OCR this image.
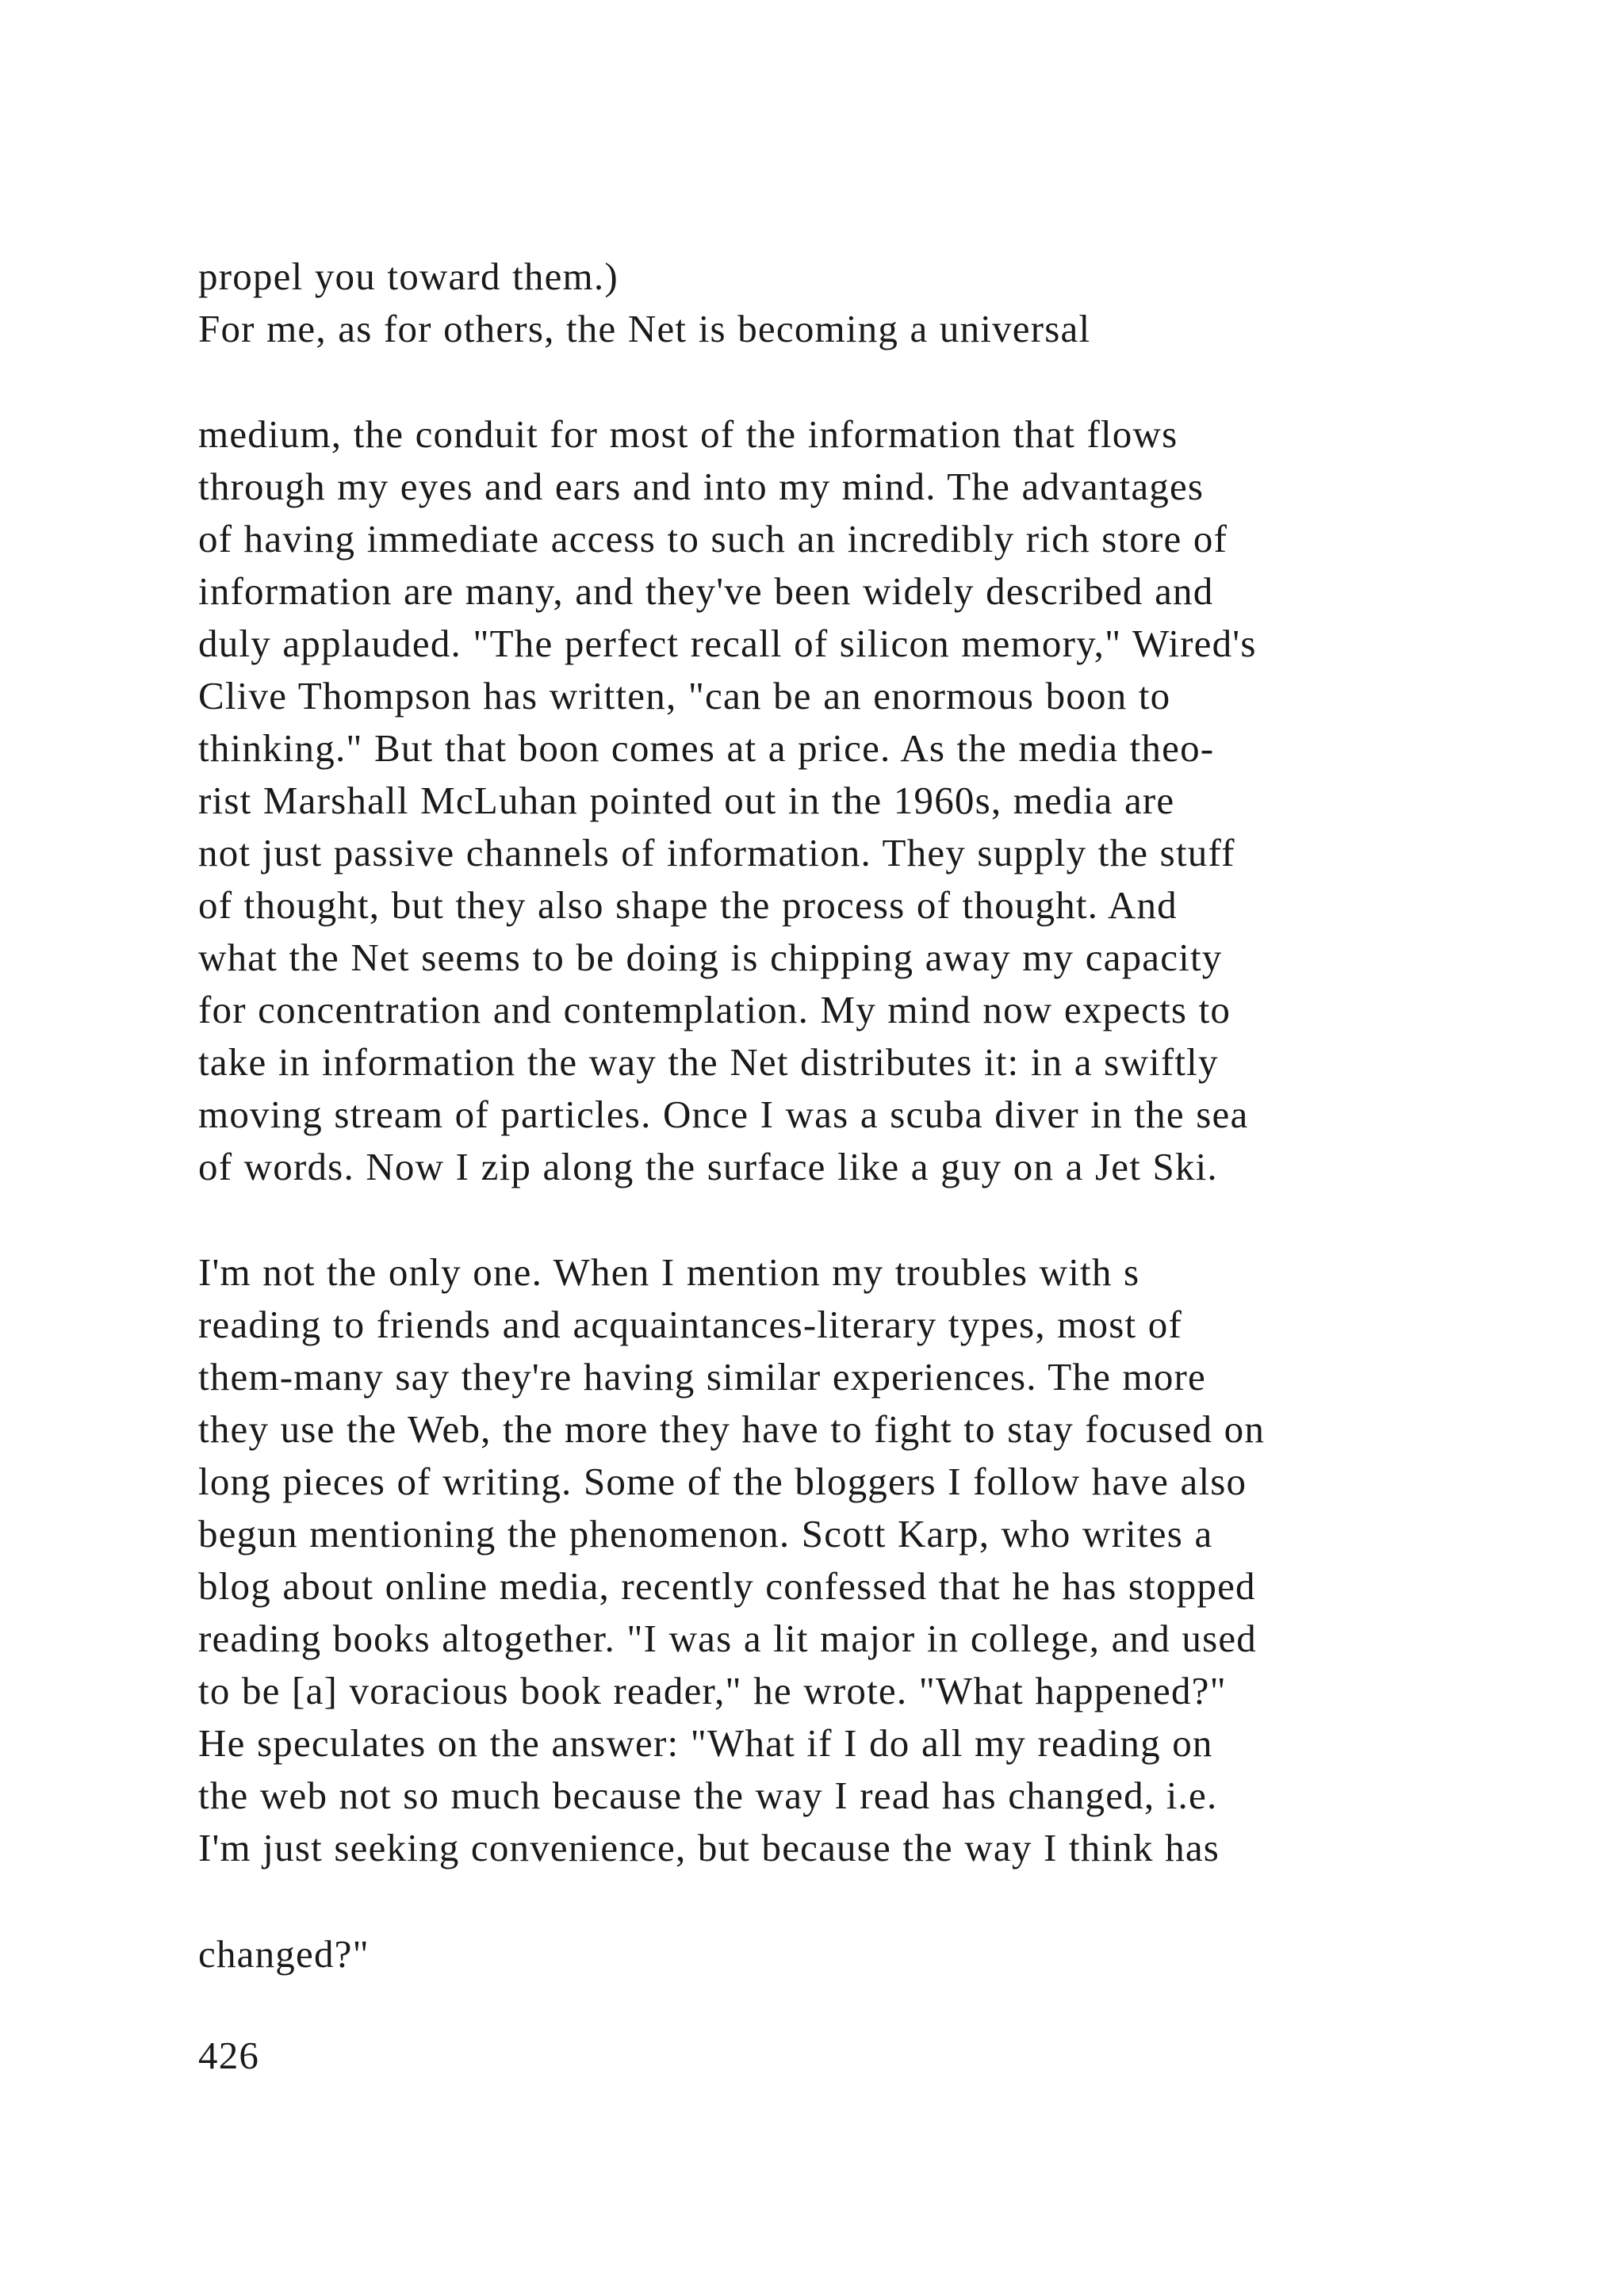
propel you toward them.)

For me, as for others, the Net is becoming a universal

medium, the conduit for most of the information that flows

through my eyes and ears and into my mind. The advantages

of having immediate access to such an incredibly rich store of

information are many, and they've been widely described and

duly applauded. "The perfect recall of silicon memory," Wired's

Clive Thompson has written, "can be an enormous boon to

thinking." But that boon comes at a price. As the media theo-

rist Marshall McLuhan pointed out in the 1960s, media are

not just passive channels of information. They supply the stuff

of thought, but they also shape the process of thought. And

what the Net seems to be doing is chipping away my capacity

for concentration and contemplation. My mind now expects to

take in information the way the Net distributes it: in a swiftly

moving stream of particles. Once I was a scuba diver in the sea

of words. Now I zip along the surface like a guy on a Jet Ski.

I'm not the only one. When I mention my troubles with s

reading to friends and acquaintances-literary types, most of

them-many say they're having similar experiences. The more

they use the Web, the more they have to fight to stay focused on

long pieces of writing. Some of the bloggers I follow have also

begun mentioning the phenomenon. Scott Karp, who writes a

blog about online media, recently confessed that he has stopped

reading books altogether. "I was a lit major in college, and used

to be [a] voracious book reader," he wrote. "What happened?"

He speculates on the answer: "What if I do all my reading on

the web not so much because the way I read has changed, i.e.

I'm just seeking convenience, but because the way I think has

changed?"

426
